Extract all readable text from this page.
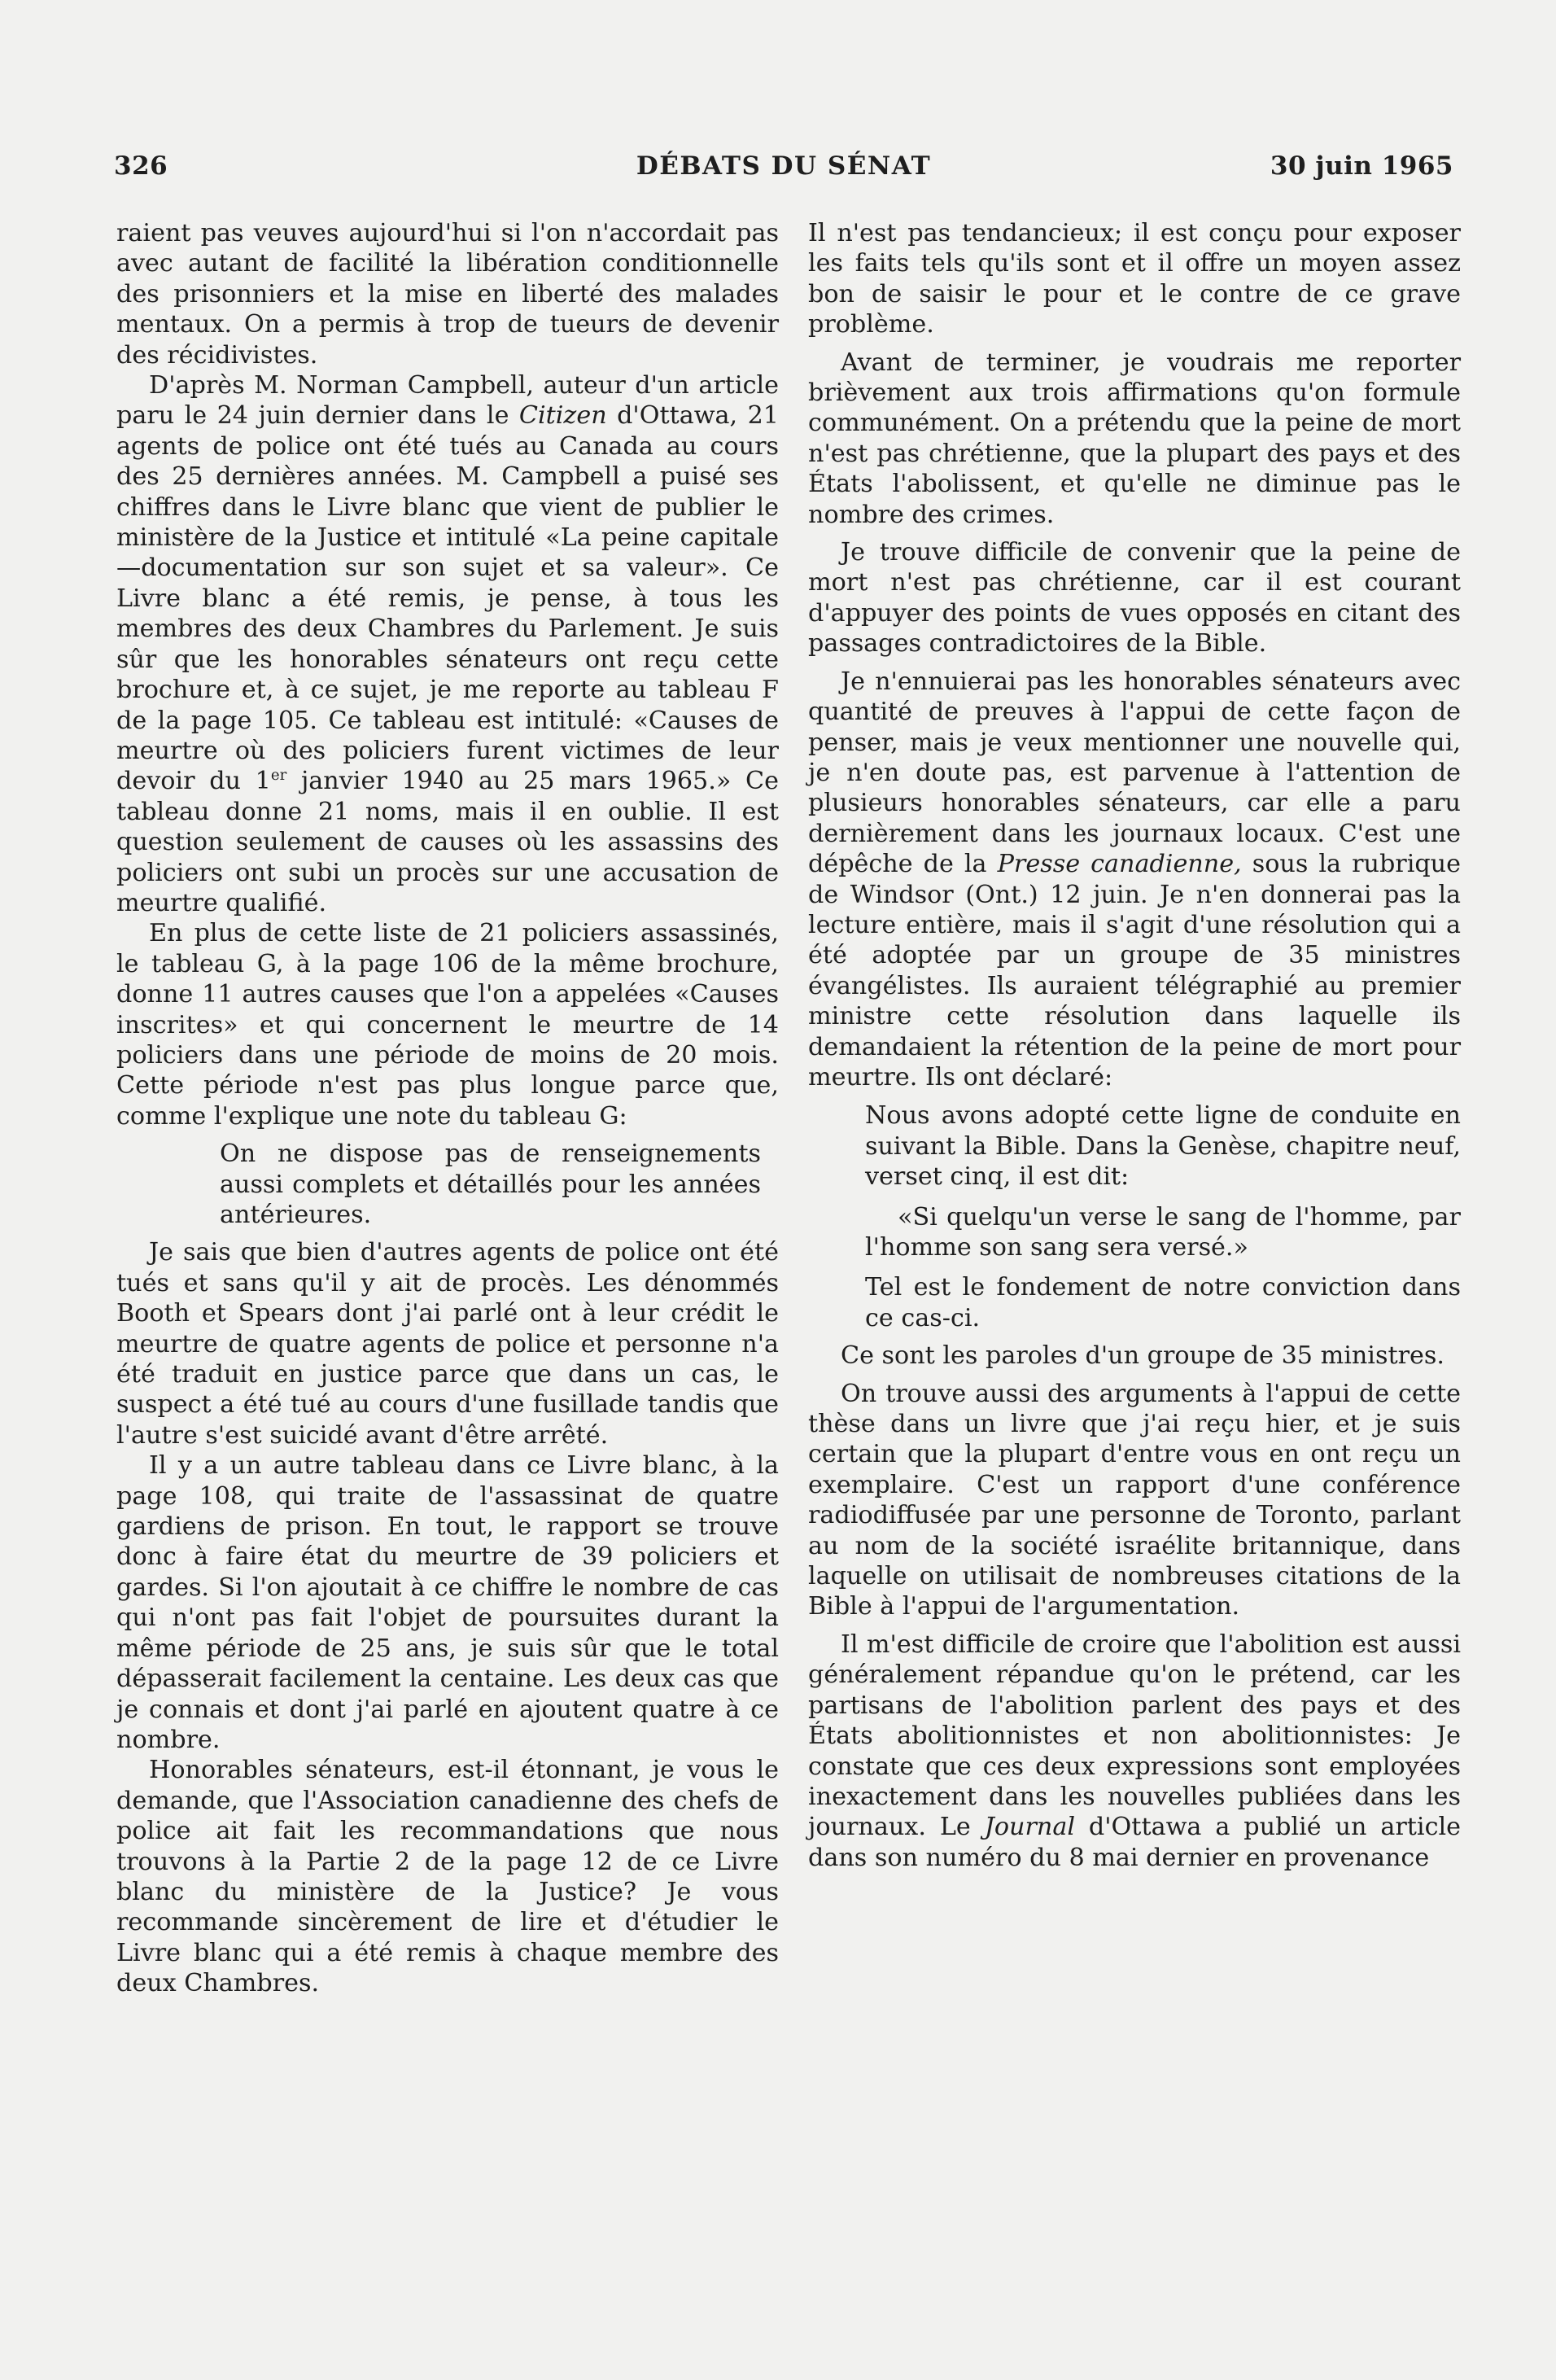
326	DÉBATS DU SÉNAT	30 juin 1965

raient pas veuves aujourd'hui si l'on n'accordait pas avec autant de facilité la libération conditionnelle des prisonniers et la mise en liberté des malades mentaux. On a permis à trop de tueurs de devenir des récidivistes.

D'après M. Norman Campbell, auteur d'un article paru le 24 juin dernier dans le Citizen d'Ottawa, 21 agents de police ont été tués au Canada au cours des 25 dernières années. M. Campbell a puisé ses chiffres dans le Livre blanc que vient de publier le ministère de la Justice et intitulé «La peine capitale—documentation sur son sujet et sa valeur». Ce Livre blanc a été remis, je pense, à tous les membres des deux Chambres du Parlement. Je suis sûr que les honorables sénateurs ont reçu cette brochure et, à ce sujet, je me reporte au tableau F de la page 105. Ce tableau est intitulé: «Causes de meurtre où des policiers furent victimes de leur devoir du 1er janvier 1940 au 25 mars 1965.» Ce tableau donne 21 noms, mais il en oublie. Il est question seulement de causes où les assassins des policiers ont subi un procès sur une accusation de meurtre qualifié.

En plus de cette liste de 21 policiers assassinés, le tableau G, à la page 106 de la même brochure, donne 11 autres causes que l'on a appelées «Causes inscrites» et qui concernent le meurtre de 14 policiers dans une période de moins de 20 mois. Cette période n'est pas plus longue parce que, comme l'explique une note du tableau G:

On ne dispose pas de renseignements aussi complets et détaillés pour les années antérieures.

Je sais que bien d'autres agents de police ont été tués et sans qu'il y ait de procès. Les dénommés Booth et Spears dont j'ai parlé ont à leur crédit le meurtre de quatre agents de police et personne n'a été traduit en justice parce que dans un cas, le suspect a été tué au cours d'une fusillade tandis que l'autre s'est suicidé avant d'être arrêté.

Il y a un autre tableau dans ce Livre blanc, à la page 108, qui traite de l'assassinat de quatre gardiens de prison. En tout, le rapport se trouve donc à faire état du meurtre de 39 policiers et gardes. Si l'on ajoutait à ce chiffre le nombre de cas qui n'ont pas fait l'objet de poursuites durant la même période de 25 ans, je suis sûr que le total dépasserait facilement la centaine. Les deux cas que je connais et dont j'ai parlé en ajoutent quatre à ce nombre.

Honorables sénateurs, est-il étonnant, je vous le demande, que l'Association canadienne des chefs de police ait fait les recommandations que nous trouvons à la Partie 2 de la page 12 de ce Livre blanc du ministère de la Justice? Je vous recommande sincèrement de lire et d'étudier le Livre blanc qui a été remis à chaque membre des deux Chambres.

Il n'est pas tendancieux; il est conçu pour exposer les faits tels qu'ils sont et il offre un moyen assez bon de saisir le pour et le contre de ce grave problème.

Avant de terminer, je voudrais me reporter brièvement aux trois affirmations qu'on formule communément. On a prétendu que la peine de mort n'est pas chrétienne, que la plupart des pays et des États l'abolissent, et qu'elle ne diminue pas le nombre des crimes.

Je trouve difficile de convenir que la peine de mort n'est pas chrétienne, car il est courant d'appuyer des points de vues opposés en citant des passages contradictoires de la Bible.

Je n'ennuierai pas les honorables sénateurs avec quantité de preuves à l'appui de cette façon de penser, mais je veux mentionner une nouvelle qui, je n'en doute pas, est parvenue à l'attention de plusieurs honorables sénateurs, car elle a paru dernièrement dans les journaux locaux. C'est une dépêche de la Presse canadienne, sous la rubrique de Windsor (Ont.) 12 juin. Je n'en donnerai pas la lecture entière, mais il s'agit d'une résolution qui a été adoptée par un groupe de 35 ministres évangélistes. Ils auraient télégraphié au premier ministre cette résolution dans laquelle ils demandaient la rétention de la peine de mort pour meurtre. Ils ont déclaré:

Nous avons adopté cette ligne de conduite en suivant la Bible. Dans la Genèse, chapitre neuf, verset cinq, il est dit:

«Si quelqu'un verse le sang de l'homme, par l'homme son sang sera versé.»

Tel est le fondement de notre conviction dans ce cas-ci.

Ce sont les paroles d'un groupe de 35 ministres.

On trouve aussi des arguments à l'appui de cette thèse dans un livre que j'ai reçu hier, et je suis certain que la plupart d'entre vous en ont reçu un exemplaire. C'est un rapport d'une conférence radiodiffusée par une personne de Toronto, parlant au nom de la société israélite britannique, dans laquelle on utilisait de nombreuses citations de la Bible à l'appui de l'argumentation.

Il m'est difficile de croire que l'abolition est aussi généralement répandue qu'on le prétend, car les partisans de l'abolition parlent des pays et des États abolitionnistes et non abolitionnistes: Je constate que ces deux expressions sont employées inexactement dans les nouvelles publiées dans les journaux. Le Journal d'Ottawa a publié un article dans son numéro du 8 mai dernier en provenance
